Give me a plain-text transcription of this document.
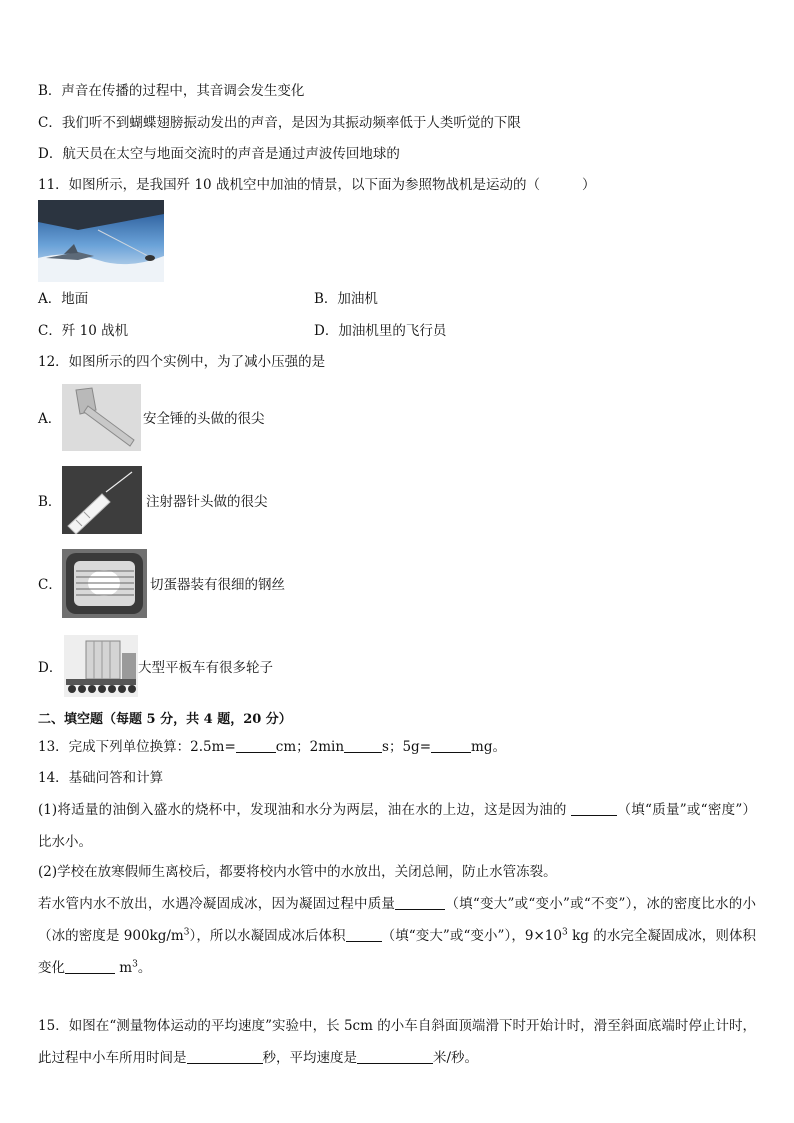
B．声音在传播的过程中，其音调会发生变化
C．我们听不到蝴蝶翅膀振动发出的声音，是因为其振动频率低于人类听觉的下限
D．航天员在太空与地面交流时的声音是通过声波传回地球的
11．如图所示，是我国歼 10 战机空中加油的情景，以下面为参照物战机是运动的（	）
A．地面	B．加油机
C．歼 10 战机	D．加油机里的飞行员
12．如图所示的四个实例中，为了减小压强的是
A．	安全锤的头做的很尖
B．	注射器针头做的很尖
C．	切蛋器装有很细的钢丝
D．	大型平板车有很多轮子
二、填空题（每题 5 分，共 4 题，20 分）
13．完成下列单位换算：2.5m=	cm；2min	s；5g=	mg。
14．基础问答和计算
(1)将适量的油倒入盛水的烧杯中，发现油和水分为两层，油在水的上边，这是因为油的	（填“质量”或“密度”）比水小。
(2)学校在放寒假师生离校后，都要将校内水管中的水放出，关闭总闸，防止水管冻裂。
若水管内水不放出，水遇冷凝固成冰，因为凝固过程中质量	（填“变大”或“变小”或“不变”），冰的密度比水的小（冰的密度是 $900kg/m^3$），所以水凝固成冰后体积	（填“变大”或“变小”），$9\times 10^3$ kg 的水完全凝固成冰，则体积变化	$m^3$。
15．如图在“测量物体运动的平均速度”实验中，长 5cm 的小车自斜面顶端滑下时开始计时，滑至斜面底端时停止计时，此过程中小车所用时间是	秒，平均速度是	米/秒。
